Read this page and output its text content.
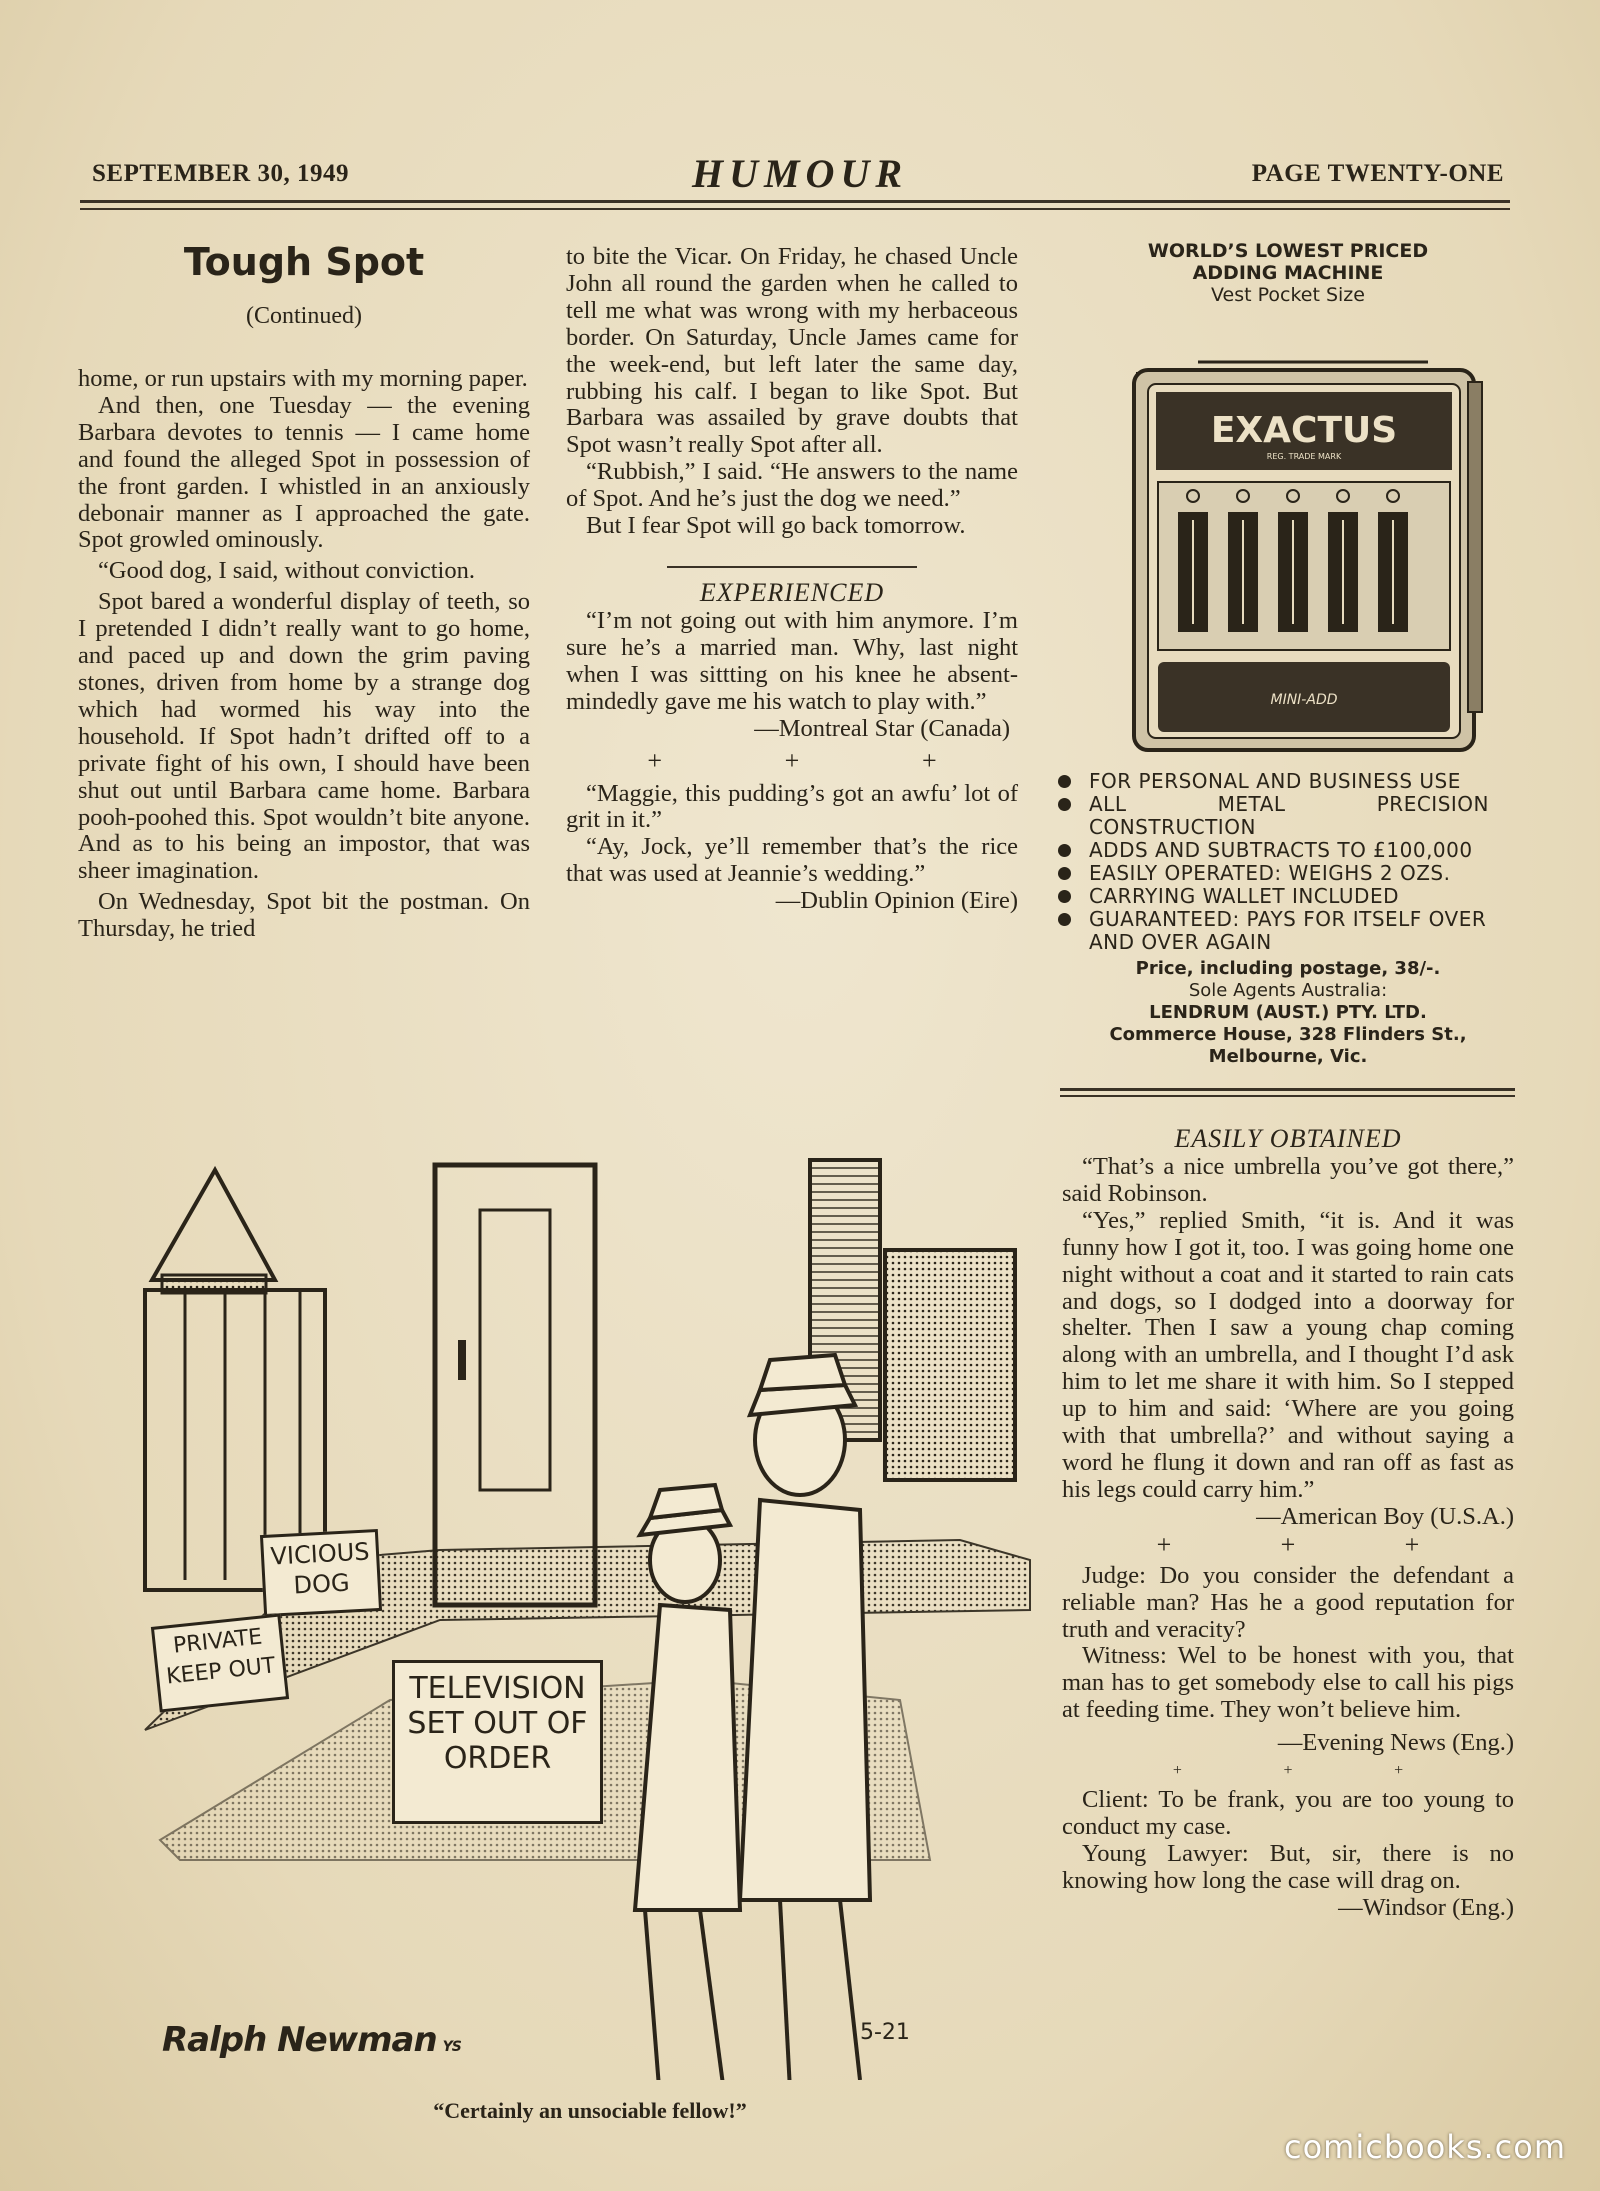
SEPTEMBER 30, 1949	HUMOUR	PAGE TWENTY-ONE
Tough Spot
(Continued)

home, or run upstairs with my morning paper.

And then, one Tuesday — the evening Barbara devotes to tennis — I came home and found the alleged Spot in possession of the front garden. I whistled in an anxiously debonair manner as I approached the gate. Spot growled ominously.

“Good dog, I said, without conviction.

Spot bared a wonderful display of teeth, so I pretended I didn’t really want to go home, and paced up and down the grim paving stones, driven from home by a strange dog which had wormed his way into the household. If Spot hadn’t drifted off to a private fight of his own, I should have been shut out until Barbara came home. Barbara pooh-poohed this. Spot wouldn’t bite anyone. And as to his being an impostor, that was sheer imagination.

On Wednesday, Spot bit the postman. On Thursday, he tried

to bite the Vicar. On Friday, he chased Uncle John all round the garden when he called to tell me what was wrong with my herbaceous border. On Saturday, Uncle James came for the week-end, but left later the same day, rubbing his calf. I began to like Spot. But Barbara was assailed by grave doubts that Spot wasn’t really Spot after all.

“Rubbish,” I said. “He answers to the name of Spot. And he’s just the dog we need.”

But I fear Spot will go back tomorrow.

EXPERIENCED

“I’m not going out with him anymore. I’m sure he’s a married man. Why, last night when I was sittting on his knee he absent-mindedly gave me his watch to play with.”

—Montreal Star (Canada)
+	+	+

“Maggie, this pudding’s got an awfu’ lot of grit in it.”

“Ay, Jock, ye’ll remember that’s the rice that was used at Jeannie’s wedding.”

—Dublin Opinion (Eire)
WORLD’S LOWEST PRICED
ADDING MACHINE
Vest Pocket Size
EXACTUS
REG. TRADE MARK
MINI-ADD
FOR PERSONAL AND BUSINESS USE
ALL METAL PRECISION CONSTRUCTION
ADDS AND SUBTRACTS TO £100,000
EASILY OPERATED: WEIGHS 2 OZS.
CARRYING WALLET INCLUDED
GUARANTEED: PAYS FOR ITSELF OVER AND OVER AGAIN
Price, including postage, 38/-.
Sole Agents Australia:
LENDRUM (AUST.) PTY. LTD.
Commerce House, 328 Flinders St.,
Melbourne, Vic.
EASILY OBTAINED

“That’s a nice umbrella you’ve got there,” said Robinson.

“Yes,” replied Smith, “it is. And it was funny how I got it, too. I was going home one night without a coat and it started to rain cats and dogs, so I dodged into a doorway for shelter. Then I saw a young chap coming along with an umbrella, and I thought I’d ask him to let me share it with him. So I stepped up to him and said: ‘Where are you going with that umbrella?’ and without saying a word he flung it down and ran off as fast as his legs could carry him.”

—American Boy (U.S.A.)
+	+	+

Judge: Do you consider the defendant a reliable man? Has he a good reputation for truth and veracity?

Witness: Wel to be honest with you, that man has to get somebody else to call his pigs at feeding time. They won’t believe him.

—Evening News (Eng.)
+	+	+

Client: To be frank, you are too young to conduct my case.

Young Lawyer: But, sir, there is no knowing how long the case will drag on.

—Windsor (Eng.)
VICIOUS DOG
PRIVATE KEEP OUT	TELEVISION SET OUT OF ORDER
Ralph Newman YS
5-21
“Certainly an unsociable fellow!”
comicbooks.com
